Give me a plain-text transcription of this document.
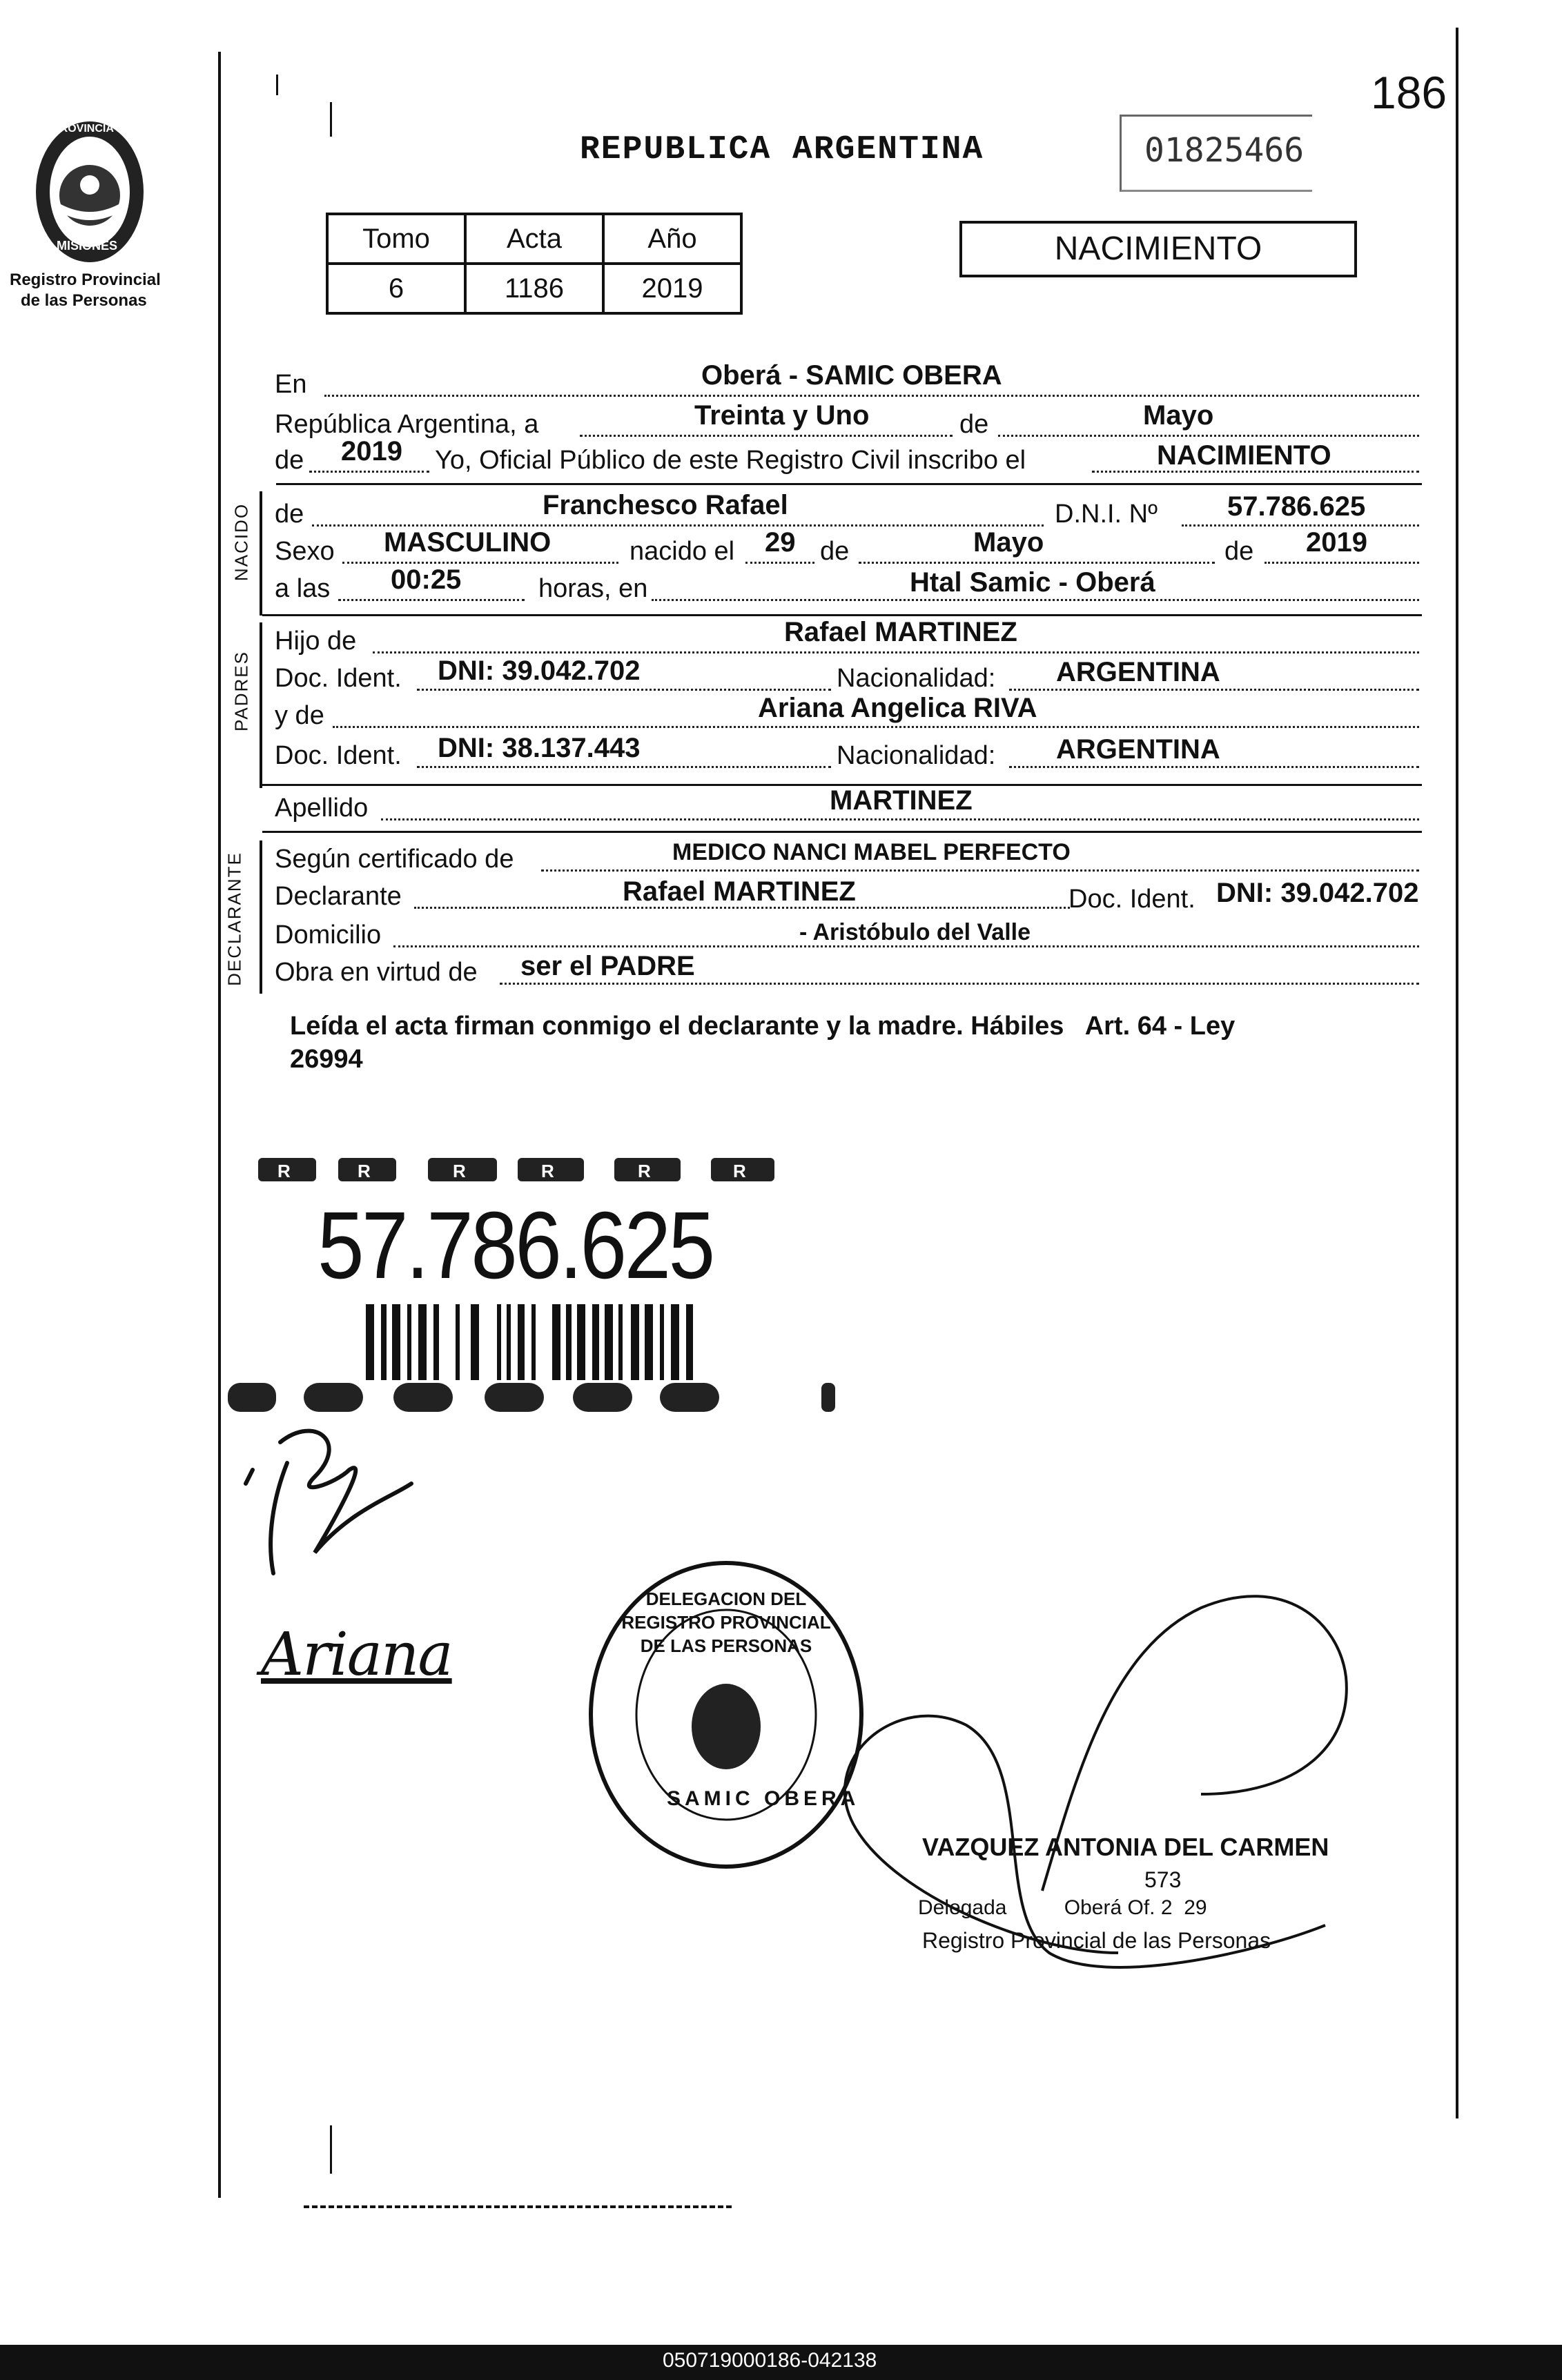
PROVINCIA DE
MISIONES
Registro Provincial
de las Personas
186
REPUBLICA ARGENTINA	01825466
Tomo	Acta	Año
6	1186	2019
NACIMIENTO
En	Oberá - SAMIC OBERA
República Argentina, a	Treinta y Uno	de	Mayo
de 2019 Yo, Oficial Público de este Registro Civil inscribo el	NACIMIENTO
NACIDO de	Franchesco Rafael	D.N.I. Nº	57.786.625
Sexo MASCULINO	nacido el 29 de	Mayo	de 2019
a las 00:25	horas, en	Htal Samic - Oberá
PADRES
Hijo de	Rafael MARTINEZ
Doc. Ident. DNI: 39.042.702	Nacionalidad: ARGENTINA
y de	Ariana Angelica RIVA
Doc. Ident. DNI: 38.137.443	Nacionalidad: ARGENTINA
Apellido	MARTINEZ
DECLARANTE Según certificado de	MEDICO NANCI MABEL PERFECTO
Declarante	Rafael MARTINEZ	Doc. Ident. DNI: 39.042.702
Domicilio	- Aristóbulo del Valle
Obra en virtud de ser el PADRE
Leída el acta firman conmigo el declarante y la madre. Hábiles   Art. 64 - Ley
26994
R	R	R	R	R	R
57.786.625
Ariana
DELEGACION DEL REGISTRO PROVINCIAL DE LAS PERSONAS
SAMIC OBERA
VAZQUEZ ANTONIA DEL CARMEN
573
Delegada          Oberá Of. 2  29
Registro Provincial de las Personas
050719000186-042138
